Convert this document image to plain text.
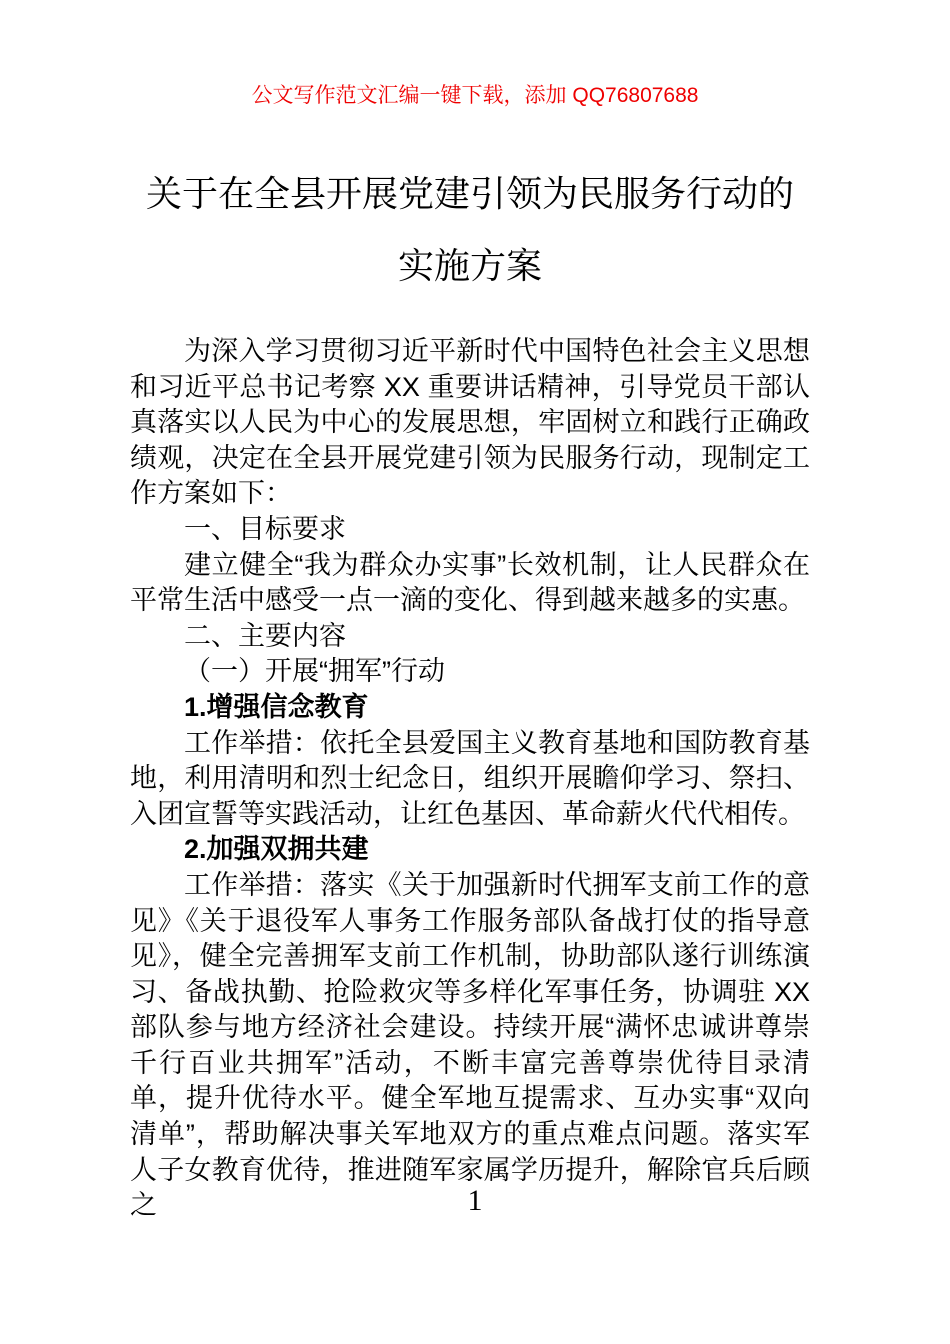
公文写作范文汇编一键下载，添加 QQ76807688
关于在全县开展党建引领为民服务行动的
实施方案

为深入学习贯彻习近平新时代中国特色社会主义思想和习近平总书记考察 XX 重要讲话精神，引导党员干部认真落实以人民为中心的发展思想，牢固树立和践行正确政绩观，决定在全县开展党建引领为民服务行动，现制定工作方案如下：

一、目标要求

建立健全“我为群众办实事”长效机制，让人民群众在平常生活中感受一点一滴的变化、得到越来越多的实惠。

二、主要内容

（一）开展“拥军”行动

1.增强信念教育

工作举措：依托全县爱国主义教育基地和国防教育基地，利用清明和烈士纪念日，组织开展瞻仰学习、祭扫、入团宣誓等实践活动，让红色基因、革命薪火代代相传。

2.加强双拥共建

工作举措：落实《关于加强新时代拥军支前工作的意见》《关于退役军人事务工作服务部队备战打仗的指导意见》，健全完善拥军支前工作机制，协助部队遂行训练演习、备战执勤、抢险救灾等多样化军事任务，协调驻 XX 部队参与地方经济社会建设。持续开展“满怀忠诚讲尊崇千行百业共拥军”活动，不断丰富完善尊崇优待目录清单，提升优待水平。健全军地互提需求、互办实事“双向清单”，帮助解决事关军地双方的重点难点问题。落实军人子女教育优待，推进随军家属学历提升，解除官兵后顾之	1
